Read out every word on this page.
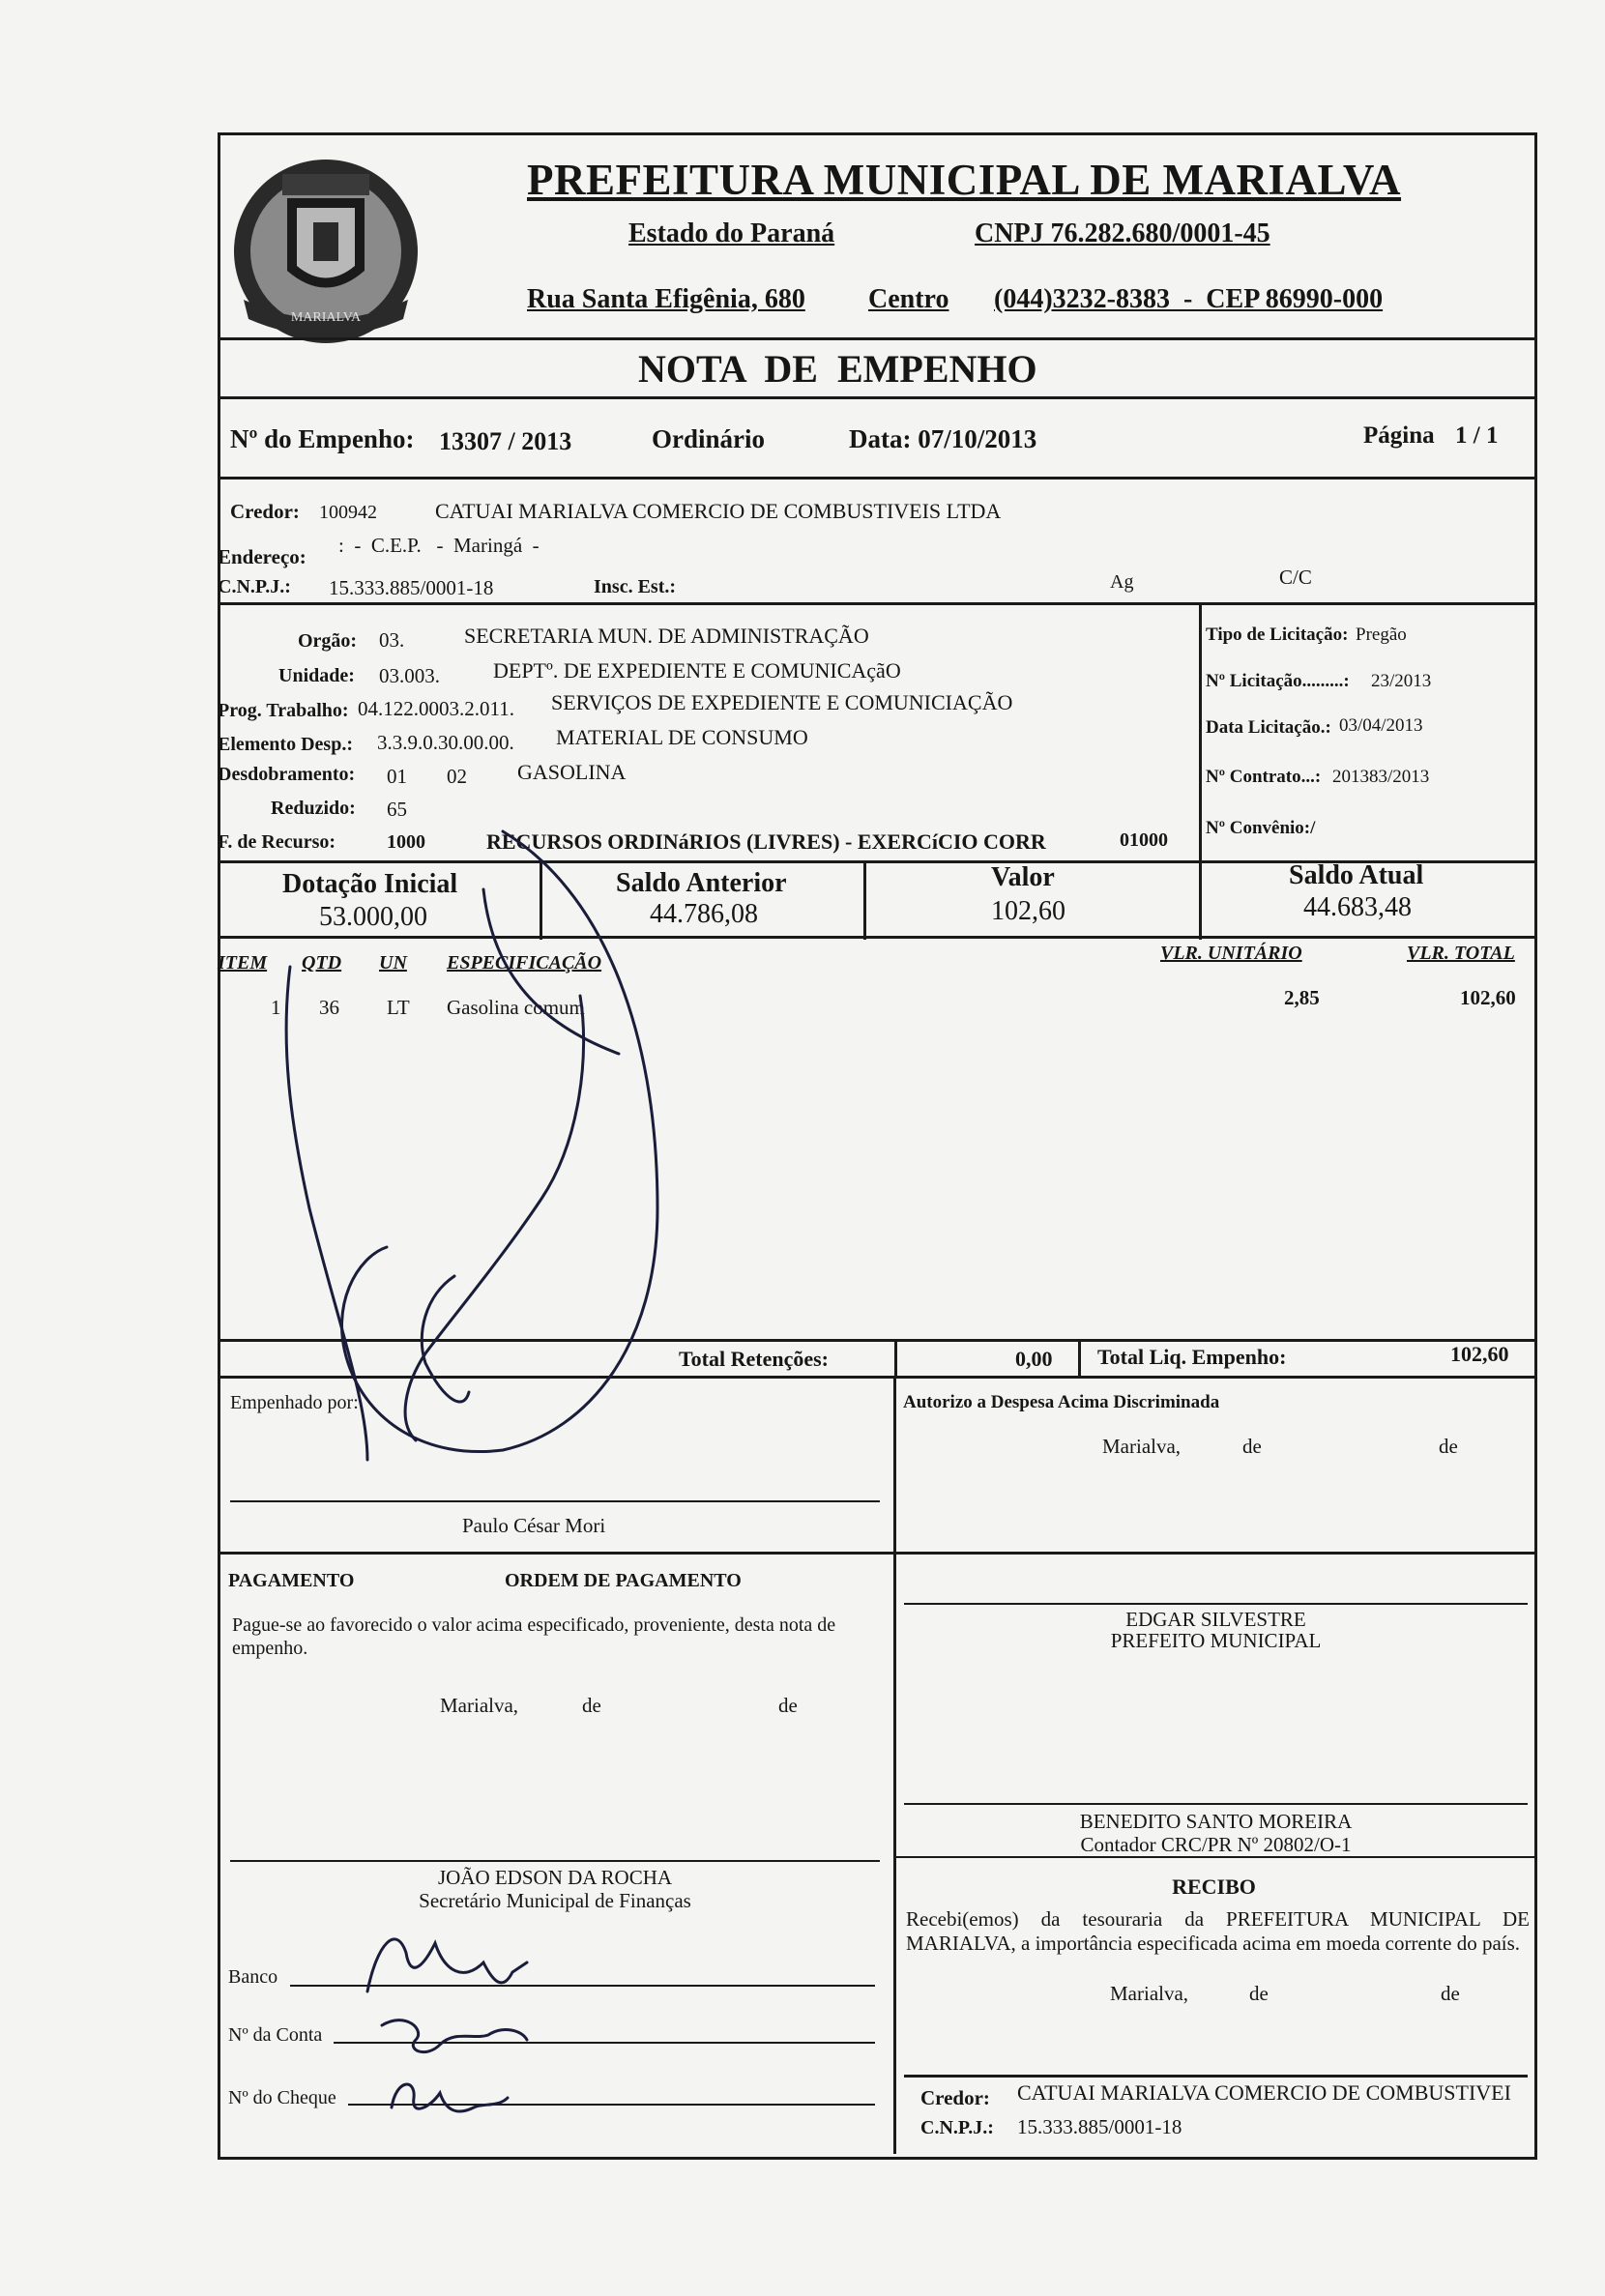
MARIALVA
PREFEITURA MUNICIPAL DE MARIALVA
Estado do Paraná	CNPJ 76.282.680/0001-45
Rua Santa Efigênia, 680 Centro (044)3232-8383  -  CEP 86990-000
NOTA  DE  EMPENHO
Nº do Empenho: 13307 / 2013	Ordinário	Data: 07/10/2013	Página 1 / 1
Credor: 100942	CATUAI MARIALVA COMERCIO DE COMBUSTIVEIS LTDA
Endereço: :  -  C.E.P.   -  Maringá  -
C.N.P.J.: 15.333.885/0001-18	Insc. Est.:	Ag	C/C
Orgão: 03.	SECRETARIA MUN. DE ADMINISTRAÇÃO
Unidade: 03.003.	DEPTº. DE EXPEDIENTE E COMUNICAçãO
Prog. Trabalho: 04.122.0003.2.011. SERVIÇOS DE EXPEDIENTE E COMUNICIAÇÃO
Elemento Desp.: 3.3.9.0.30.00.00. MATERIAL DE CONSUMO
Desdobramento: 01 02 GASOLINA
Reduzido: 65
F. de Recurso:	1000	RECURSOS ORDINáRIOS (LIVRES) - EXERCíCIO CORR	01000
Tipo de Licitação: Pregão
Nº Licitação.........: 23/2013
Data Licitação.: 03/04/2013
Nº Contrato...: 201383/2013
Nº Convênio:/
Dotação Inicial
53.000,00
Saldo Anterior
44.786,08
Valor
102,60
Saldo Atual
44.683,48
ITEM QTD UN ESPECIFICAÇÃO	VLR. UNITÁRIO	VLR. TOTAL
1 36 LT Gasolina comum	2,85	102,60
Total Retenções:	0,00 Total Liq. Empenho:	102,60
Empenhado por:
Paulo César Mori
Autorizo a Despesa Acima Discriminada
Marialva,	de	de
PAGAMENTO	ORDEM DE PAGAMENTO
Pague-se ao favorecido o valor acima especificado, proveniente, desta nota de empenho.
Marialva,	de	de
EDGAR SILVESTRE
PREFEITO MUNICIPAL
BENEDITO SANTO MOREIRA
Contador CRC/PR Nº 20802/O-1
JOÃO EDSON DA ROCHA
Secretário Municipal de Finanças
RECIBO
Recebi(emos) da tesouraria da PREFEITURA MUNICIPAL DE MARIALVA, a importância especificada acima em moeda corrente do país.
Marialva,	de	de
Credor: CATUAI MARIALVA COMERCIO DE COMBUSTIVEI
C.N.P.J.: 15.333.885/0001-18
Banco
Nº da Conta
Nº do Cheque
